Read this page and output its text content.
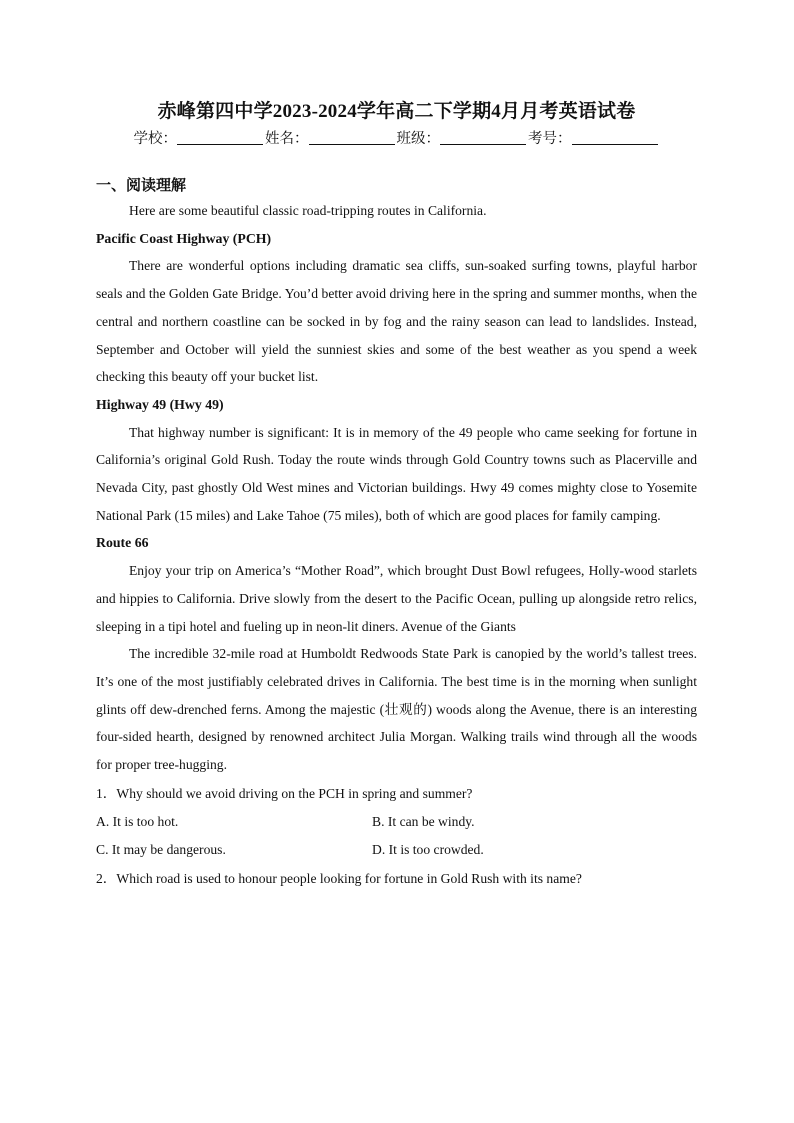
赤峰第四中学2023-2024学年高二下学期4月月考英语试卷
学校：	姓名：	班级：	考号：
一、阅读理解

Here are some beautiful classic road-tripping routes in California.

Pacific Coast Highway (PCH)

There are wonderful options including dramatic sea cliffs, sun-soaked surfing towns, playful harbor seals and the Golden Gate Bridge. You’d better avoid driving here in the spring and summer months, when the central and northern coastline can be socked in by fog and the rainy season can lead to landslides. Instead, September and October will yield the sunniest skies and some of the best weather as you spend a week checking this beauty off your bucket list.

Highway 49 (Hwy 49)

That highway number is significant: It is in memory of the 49 people who came seeking for fortune in California’s original Gold Rush. Today the route winds through Gold Country towns such as Placerville and Nevada City, past ghostly Old West mines and Victorian buildings. Hwy 49 comes mighty close to Yosemite National Park (15 miles) and Lake Tahoe (75 miles), both of which are good places for family camping.

Route 66

Enjoy your trip on America’s “Mother Road”, which brought Dust Bowl refugees, Holly-wood starlets and hippies to California. Drive slowly from the desert to the Pacific Ocean, pulling up alongside retro relics, sleeping in a tipi hotel and fueling up in neon-lit diners. Avenue of the Giants

The incredible 32-mile road at Humboldt Redwoods State Park is canopied by the world’s tallest trees. It’s one of the most justifiably celebrated drives in California. The best time is in the morning when sunlight glints off dew-drenched ferns. Among the majestic (壮观的) woods along the Avenue, there is an interesting four-sided hearth, designed by renowned architect Julia Morgan. Walking trails wind through all the woods for proper tree-hugging.

1．Why should we avoid driving on the PCH in spring and summer?
A. It is too hot.	B. It can be windy.
C. It may be dangerous.	D. It is too crowded.
2．Which road is used to honour people looking for fortune in Gold Rush with its name?
